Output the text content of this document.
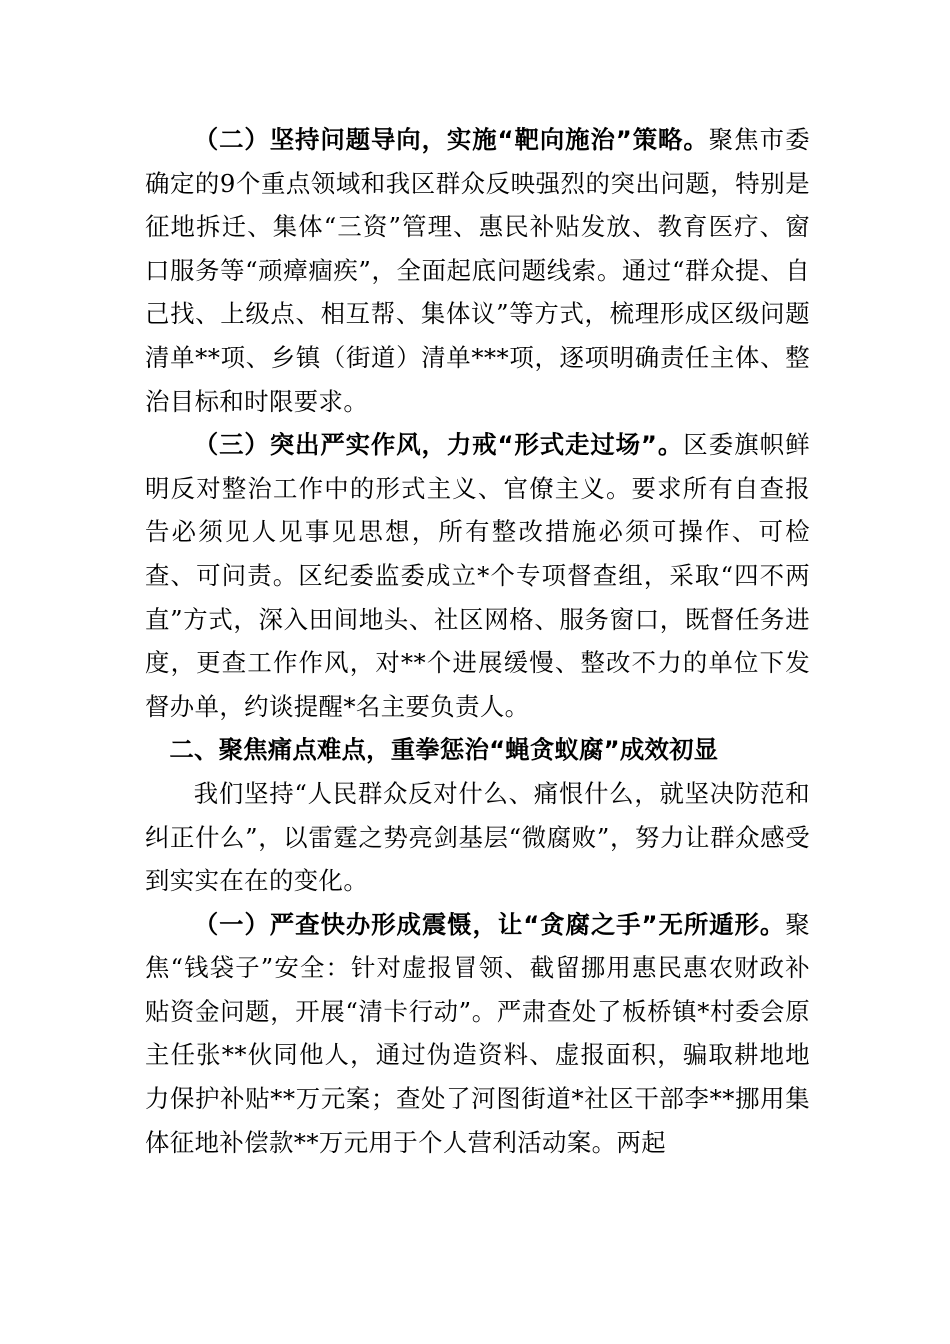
（二）坚持问题导向，实施“靶向施治”策略。聚焦市委确定的9个重点领域和我区群众反映强烈的突出问题，特别是征地拆迁、集体“三资”管理、惠民补贴发放、教育医疗、窗口服务等“顽瘴痼疾”，全面起底问题线索。通过“群众提、自己找、上级点、相互帮、集体议”等方式，梳理形成区级问题清单**项、乡镇（街道）清单***项，逐项明确责任主体、整治目标和时限要求。

（三）突出严实作风，力戒“形式走过场”。区委旗帜鲜明反对整治工作中的形式主义、官僚主义。要求所有自查报告必须见人见事见思想，所有整改措施必须可操作、可检查、可问责。区纪委监委成立*个专项督查组，采取“四不两直”方式，深入田间地头、社区网格、服务窗口，既督任务进度，更查工作作风，对**个进展缓慢、整改不力的单位下发督办单，约谈提醒*名主要负责人。

二、聚焦痛点难点，重拳惩治“蝇贪蚁腐”成效初显

我们坚持“人民群众反对什么、痛恨什么，就坚决防范和纠正什么”，以雷霆之势亮剑基层“微腐败”，努力让群众感受到实实在在的变化。

（一）严查快办形成震慑，让“贪腐之手”无所遁形。聚焦“钱袋子”安全：针对虚报冒领、截留挪用惠民惠农财政补贴资金问题，开展“清卡行动”。严肃查处了板桥镇*村委会原主任张**伙同他人，通过伪造资料、虚报面积，骗取耕地地力保护补贴**万元案；查处了河图街道*社区干部李**挪用集体征地补偿款**万元用于个人营利活动案。两起
